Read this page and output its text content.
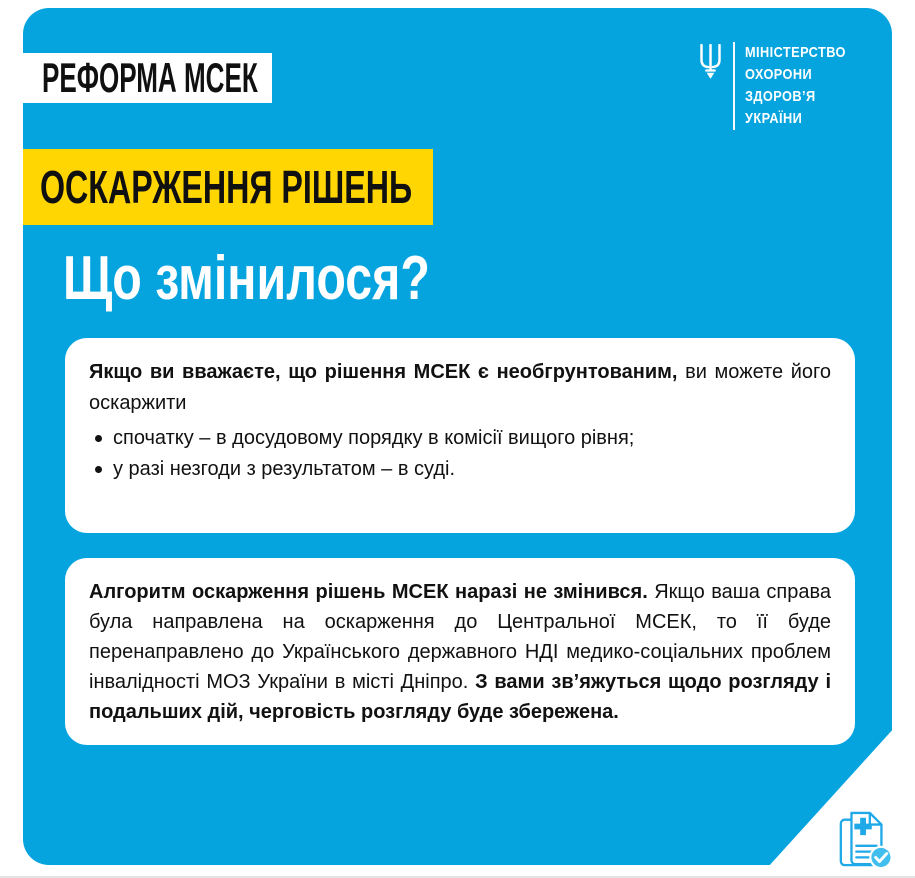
МІНІСТЕРСТВО
ОХОРОНИ
ЗДОРОВ’Я
УКРАЇНИ
РЕФОРМА МСЕК
ОСКАРЖЕННЯ РІШЕНЬ
Що змінилося?
Якщо ви вважаєте, що рішення МСЕК є необгрунтованим, ви можете його оскаржити
спочатку – в досудовому порядку в комісії вищого рівня;
у разі незгоди з результатом – в суді.
Алгоритм оскарження рішень МСЕК наразі не змінився. Якщо ваша справа була направлена на оскарження до Центральної МСЕК, то її буде перенаправлено до Українського державного НДІ медико-соціальних проблем інвалідності МОЗ України в місті Дніпро. З вами зв’яжуться щодо розгляду і подальших дій, черговість розгляду буде збережена.
